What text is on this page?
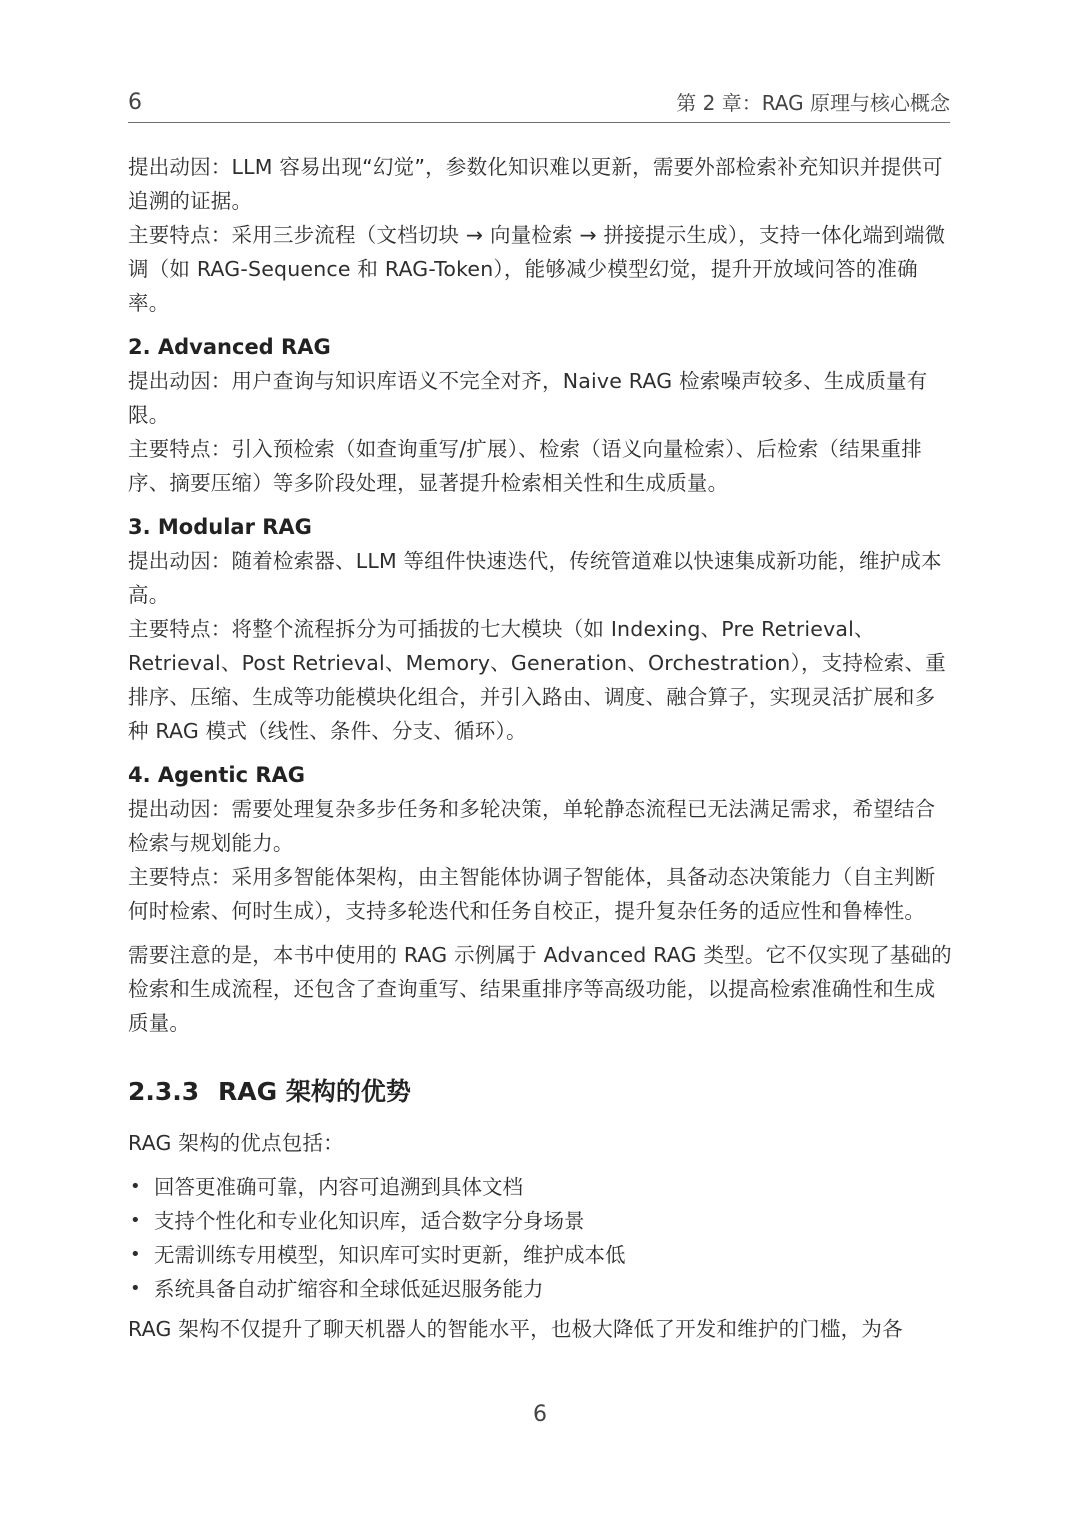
6	第 2 章：RAG 原理与核心概念

提出动因：LLM 容易出现“幻觉”，参数化知识难以更新，需要外部检索补充知识并提供可追溯的证据。

主要特点：采用三步流程（文档切块 → 向量检索 → 拼接提示生成），支持一体化端到端微调（如 RAG-Sequence 和 RAG-Token），能够减少模型幻觉，提升开放域问答的准确率。

2. Advanced RAG

提出动因：用户查询与知识库语义不完全对齐，Naive RAG 检索噪声较多、生成质量有限。

主要特点：引入预检索（如查询重写/扩展）、检索（语义向量检索）、后检索（结果重排序、摘要压缩）等多阶段处理，显著提升检索相关性和生成质量。

3. Modular RAG

提出动因：随着检索器、LLM 等组件快速迭代，传统管道难以快速集成新功能，维护成本高。

主要特点：将整个流程拆分为可插拔的七大模块（如 Indexing、Pre Retrieval、Retrieval、Post Retrieval、Memory、Generation、Orchestration），支持检索、重排序、压缩、生成等功能模块化组合，并引入路由、调度、融合算子，实现灵活扩展和多种 RAG 模式（线性、条件、分支、循环）。

4. Agentic RAG

提出动因：需要处理复杂多步任务和多轮决策，单轮静态流程已无法满足需求，希望结合检索与规划能力。

主要特点：采用多智能体架构，由主智能体协调子智能体，具备动态决策能力（自主判断何时检索、何时生成），支持多轮迭代和任务自校正，提升复杂任务的适应性和鲁棒性。

需要注意的是，本书中使用的 RAG 示例属于 Advanced RAG 类型。它不仅实现了基础的检索和生成流程，还包含了查询重写、结果重排序等高级功能，以提高检索准确性和生成质量。

2.3.3 RAG 架构的优势

RAG 架构的优点包括：

• 回答更准确可靠，内容可追溯到具体文档
• 支持个性化和专业化知识库，适合数字分身场景
• 无需训练专用模型，知识库可实时更新，维护成本低
• 系统具备自动扩缩容和全球低延迟服务能力

RAG 架构不仅提升了聊天机器人的智能水平，也极大降低了开发和维护的门槛，为各

6
